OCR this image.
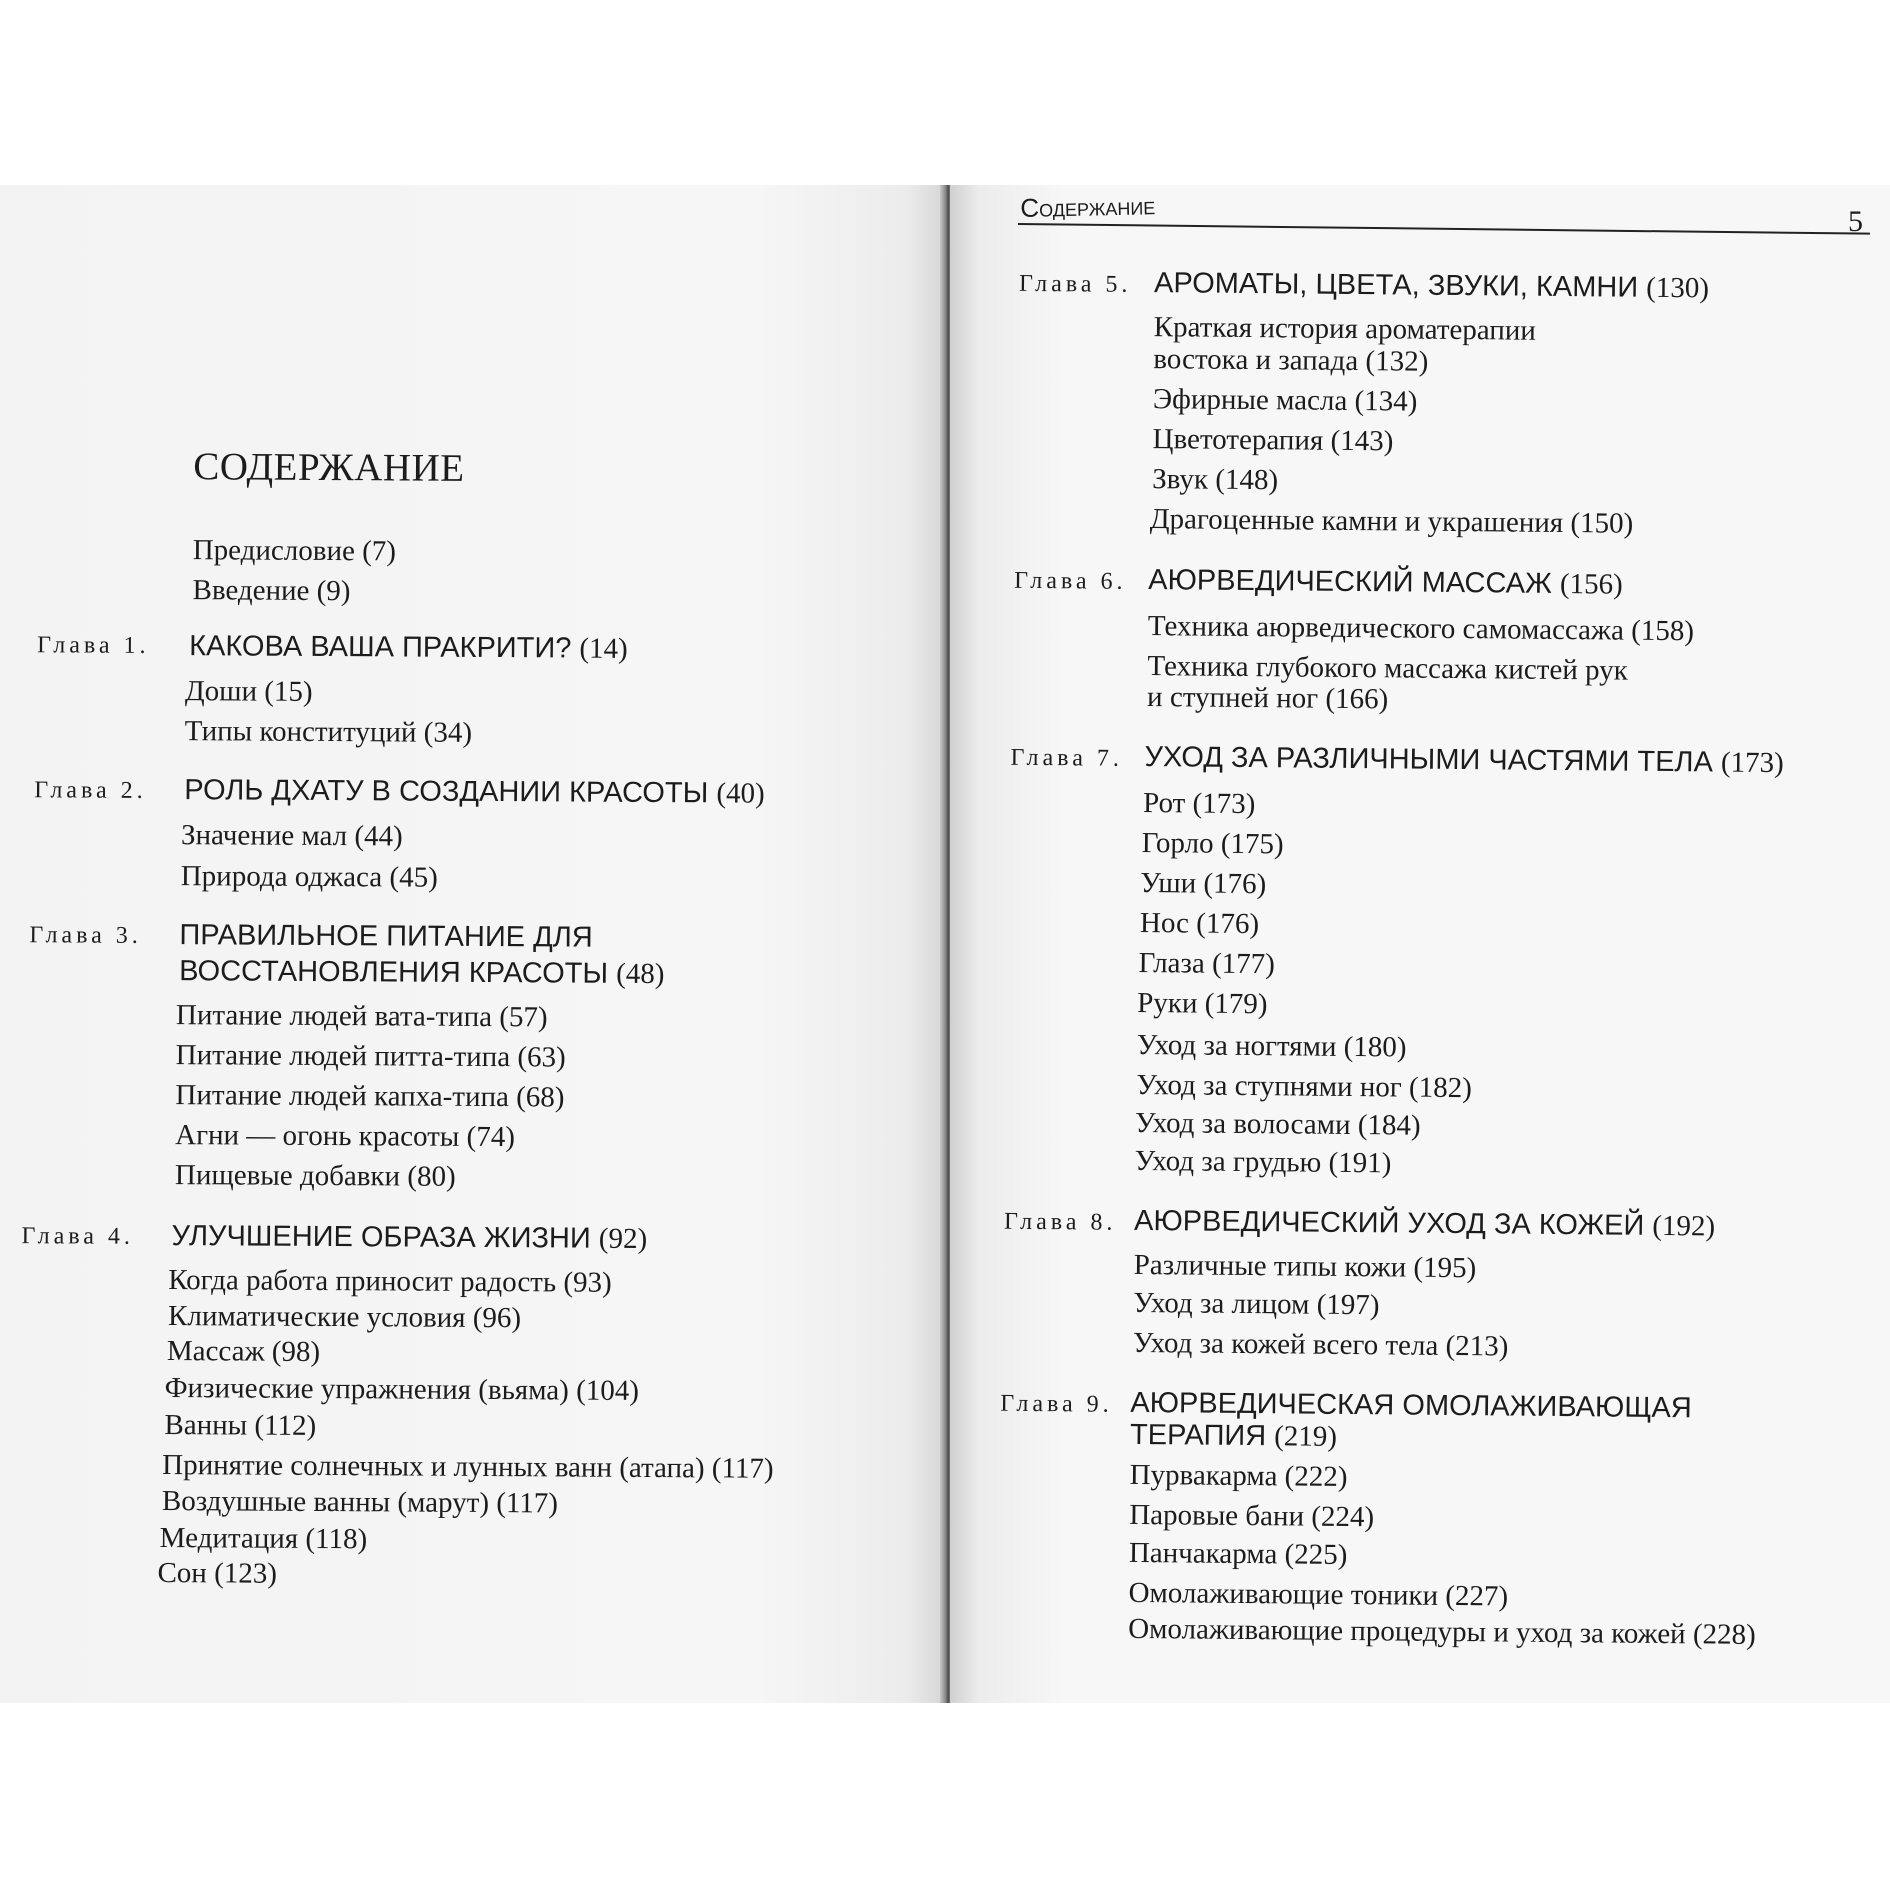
СОДЕРЖАНИЕ
Предисловие (7)
Введение (9)
Глава 1. КАКОВА ВАША ПРАКРИТИ? (14)
Доши (15)
Типы конституций (34)
Глава 2. РОЛЬ ДХАТУ В СОЗДАНИИ КРАСОТЫ (40)
Значение мал (44)
Природа оджаса (45)
Глава 3. ПРАВИЛЬНОЕ ПИТАНИЕ ДЛЯ
ВОССТАНОВЛЕНИЯ КРАСОТЫ (48)
Питание людей вата-типа (57)
Питание людей питта-типа (63)
Питание людей капха-типа (68)
Агни — огонь красоты (74)
Пищевые добавки (80)
Глава 4. УЛУЧШЕНИЕ ОБРАЗА ЖИЗНИ (92)
Когда работа приносит радость (93)
Климатические условия (96)
Массаж (98)
Физические упражнения (вьяма) (104)
Ванны (112)
Принятие солнечных и лунных ванн (атапа) (117)
Воздушные ванны (марут) (117)
Медитация (118)
Сон (123)
Содержание	5
Глава 5. АРОМАТЫ, ЦВЕТА, ЗВУКИ, КАМНИ (130)
Краткая история ароматерапии
востока и запада (132)
Эфирные масла (134)
Цветотерапия (143)
Звук (148)
Драгоценные камни и украшения (150)
Глава 6. АЮРВЕДИЧЕСКИЙ МАССАЖ (156)
Техника аюрведического самомассажа (158)
Техника глубокого массажа кистей рук
и ступней ног (166)
Глава 7. УХОД ЗА РАЗЛИЧНЫМИ ЧАСТЯМИ ТЕЛА (173)
Рот (173)
Горло (175)
Уши (176)
Нос (176)
Глаза (177)
Руки (179)
Уход за ногтями (180)
Уход за ступнями ног (182)
Уход за волосами (184)
Уход за грудью (191)
Глава 8. АЮРВЕДИЧЕСКИЙ УХОД ЗА КОЖЕЙ (192)
Различные типы кожи (195)
Уход за лицом (197)
Уход за кожей всего тела (213)
Глава 9. АЮРВЕДИЧЕСКАЯ ОМОЛАЖИВАЮЩАЯ
ТЕРАПИЯ (219)
Пурвакарма (222)
Паровые бани (224)
Панчакарма (225)
Омолаживающие тоники (227)
Омолаживающие процедуры и уход за кожей (228)
